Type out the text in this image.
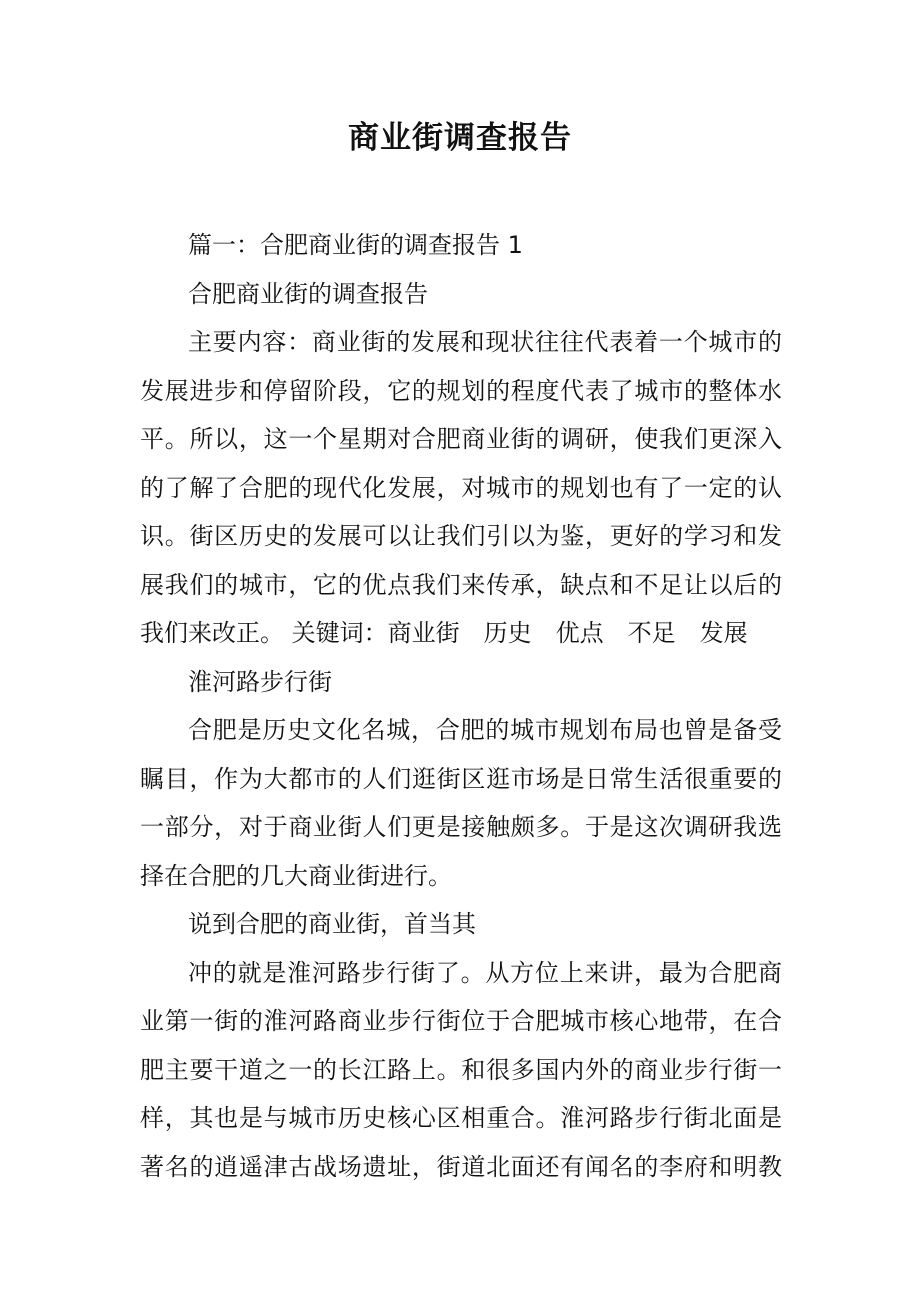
商业街调查报告
篇一：合肥商业街的调查报告 1
合肥商业街的调查报告
主要内容：商业街的发展和现状往往代表着一个城市的
发展进步和停留阶段，它的规划的程度代表了城市的整体水
平。所以，这一个星期对合肥商业街的调研，使我们更深入
的了解了合肥的现代化发展，对城市的规划也有了一定的认
识。街区历史的发展可以让我们引以为鉴，更好的学习和发
展我们的城市，它的优点我们来传承，缺点和不足让以后的
我们来改正。 关键词：商业街　历史　优点　不足　发展
淮河路步行街
合肥是历史文化名城，合肥的城市规划布局也曾是备受
瞩目，作为大都市的人们逛街区逛市场是日常生活很重要的
一部分，对于商业街人们更是接触颇多。于是这次调研我选
择在合肥的几大商业街进行。
说到合肥的商业街，首当其
冲的就是淮河路步行街了。从方位上来讲，最为合肥商
业第一街的淮河路商业步行街位于合肥城市核心地带，在合
肥主要干道之一的长江路上。和很多国内外的商业步行街一
样，其也是与城市历史核心区相重合。淮河路步行街北面是
著名的逍遥津古战场遗址，街道北面还有闻名的李府和明教
